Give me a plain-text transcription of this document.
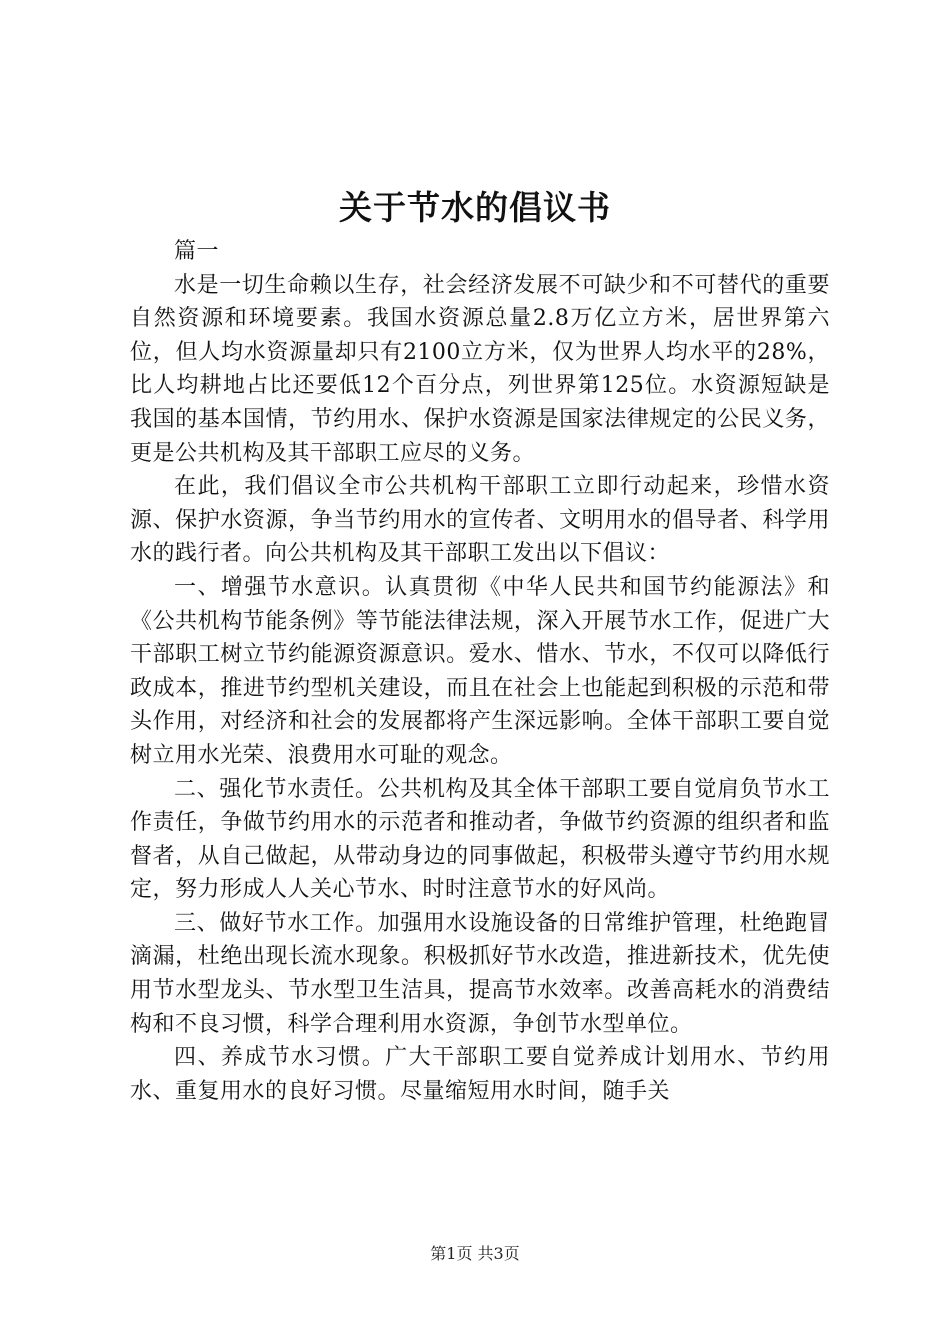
关于节水的倡议书

篇一

水是一切生命赖以生存，社会经济发展不可缺少和不可替代的重要自然资源和环境要素。我国水资源总量2.8万亿立方米，居世界第六位，但人均水资源量却只有2100立方米，仅为世界人均水平的28%，比人均耕地占比还要低12个百分点，列世界第125位。水资源短缺是我国的基本国情，节约用水、保护水资源是国家法律规定的公民义务，更是公共机构及其干部职工应尽的义务。

在此，我们倡议全市公共机构干部职工立即行动起来，珍惜水资源、保护水资源，争当节约用水的宣传者、文明用水的倡导者、科学用水的践行者。向公共机构及其干部职工发出以下倡议：

一、增强节水意识。认真贯彻《中华人民共和国节约能源法》和《公共机构节能条例》等节能法律法规，深入开展节水工作，促进广大干部职工树立节约能源资源意识。爱水、惜水、节水，不仅可以降低行政成本，推进节约型机关建设，而且在社会上也能起到积极的示范和带头作用，对经济和社会的发展都将产生深远影响。全体干部职工要自觉树立用水光荣、浪费用水可耻的观念。

二、强化节水责任。公共机构及其全体干部职工要自觉肩负节水工作责任，争做节约用水的示范者和推动者，争做节约资源的组织者和监督者，从自己做起，从带动身边的同事做起，积极带头遵守节约用水规定，努力形成人人关心节水、时时注意节水的好风尚。

三、做好节水工作。加强用水设施设备的日常维护管理，杜绝跑冒滴漏，杜绝出现长流水现象。积极抓好节水改造，推进新技术，优先使用节水型龙头、节水型卫生洁具，提高节水效率。改善高耗水的消费结构和不良习惯，科学合理利用水资源，争创节水型单位。

四、养成节水习惯。广大干部职工要自觉养成计划用水、节约用水、重复用水的良好习惯。尽量缩短用水时间，随手关

第1页 共3页
